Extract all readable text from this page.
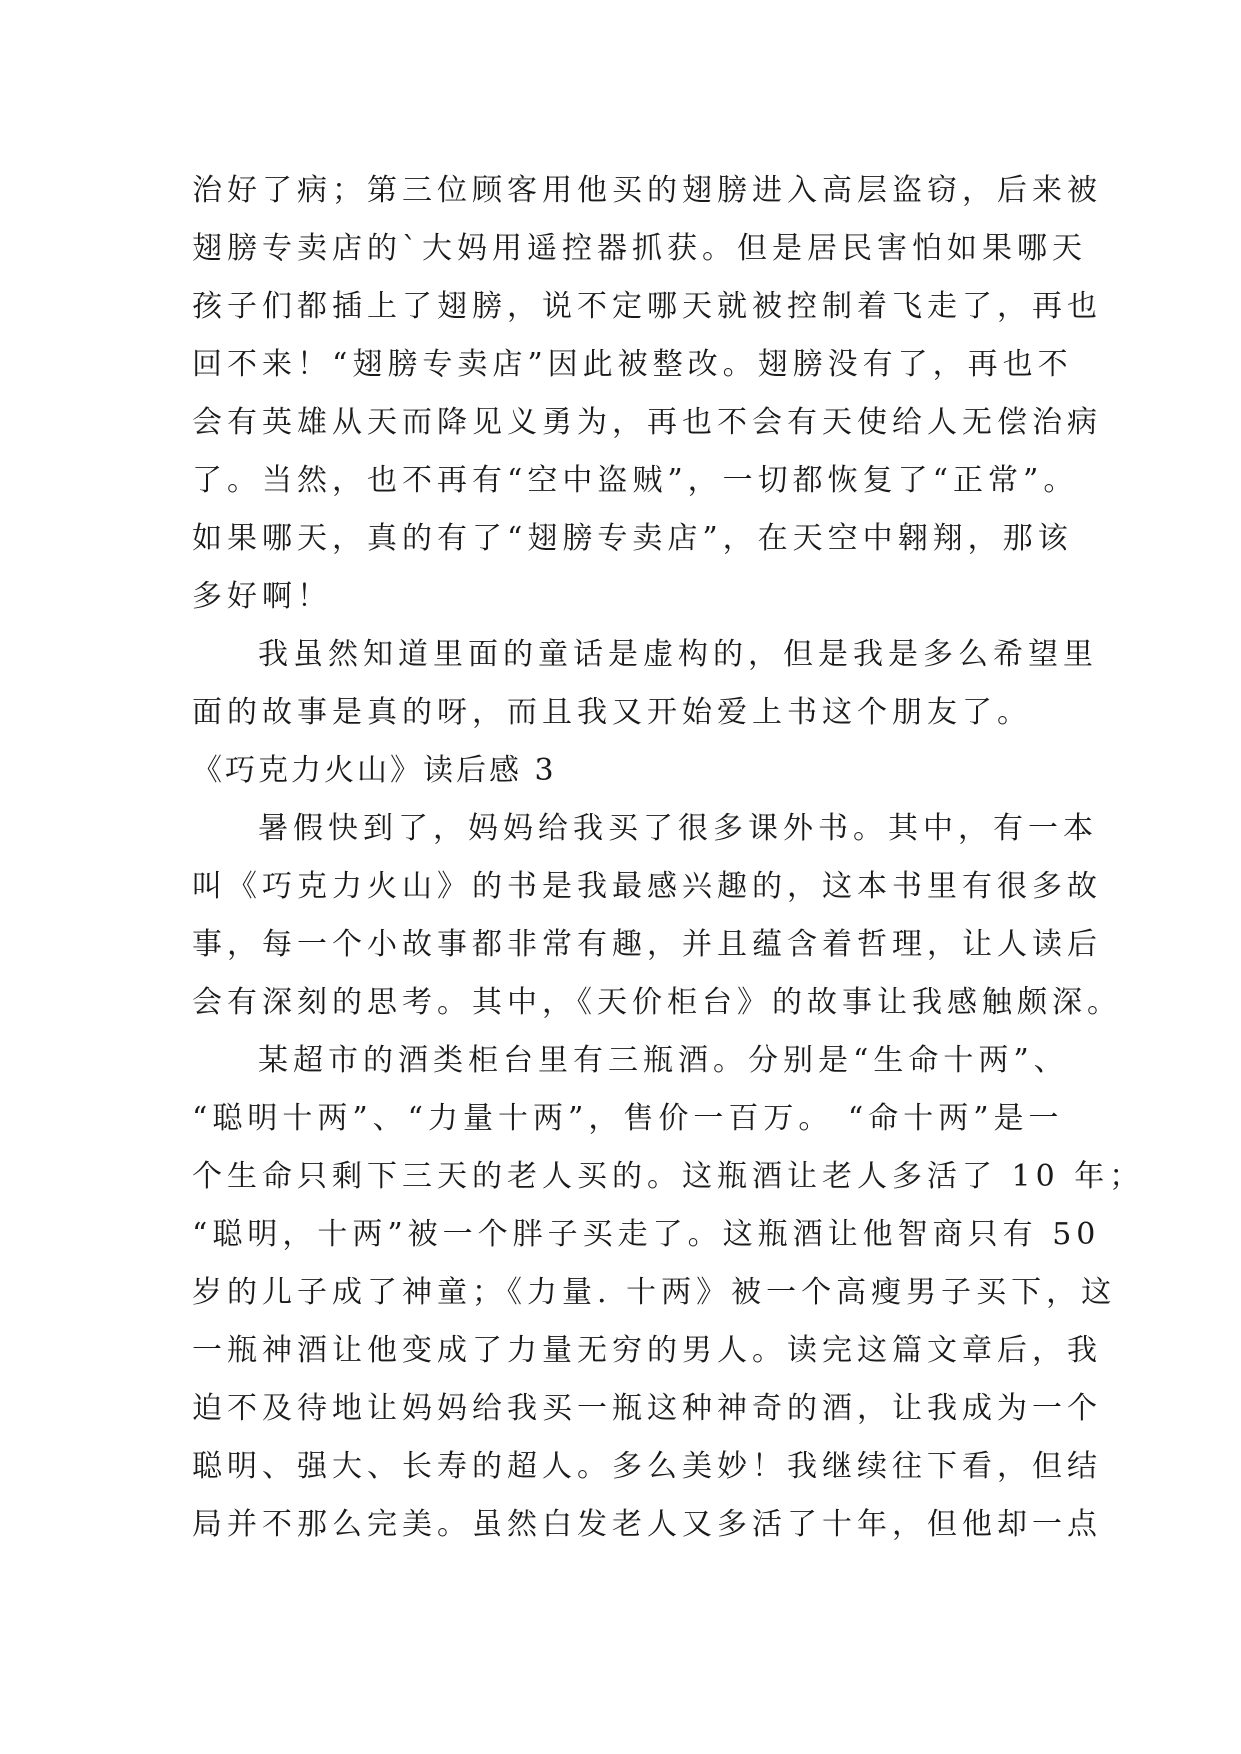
治好了病；第三位顾客用他买的翅膀进入高层盗窃，后来被
翅膀专卖店的`大妈用遥控器抓获。但是居民害怕如果哪天
孩子们都插上了翅膀，说不定哪天就被控制着飞走了，再也
回不来！“翅膀专卖店”因此被整改。翅膀没有了，再也不
会有英雄从天而降见义勇为，再也不会有天使给人无偿治病
了。当然，也不再有“空中盗贼”，一切都恢复了“正常”。
如果哪天，真的有了“翅膀专卖店”，在天空中翱翔，那该
多好啊！
我虽然知道里面的童话是虚构的，但是我是多么希望里
面的故事是真的呀，而且我又开始爱上书这个朋友了。
《巧克力火山》读后感 3
暑假快到了，妈妈给我买了很多课外书。其中，有一本
叫《巧克力火山》的书是我最感兴趣的，这本书里有很多故
事，每一个小故事都非常有趣，并且蕴含着哲理，让人读后
会有深刻的思考。其中，《天价柜台》的故事让我感触颇深。
某超市的酒类柜台里有三瓶酒。分别是“生命十两”、
“聪明十两”、“力量十两”，售价一百万。 “命十两”是一
个生命只剩下三天的老人买的。这瓶酒让老人多活了 10 年；
“聪明，十两”被一个胖子买走了。这瓶酒让他智商只有 50
岁的儿子成了神童；《力量. 十两》被一个高瘦男子买下，这
一瓶神酒让他变成了力量无穷的男人。读完这篇文章后，我
迫不及待地让妈妈给我买一瓶这种神奇的酒，让我成为一个
聪明、强大、长寿的超人。多么美妙！我继续往下看，但结
局并不那么完美。虽然白发老人又多活了十年，但他却一点
